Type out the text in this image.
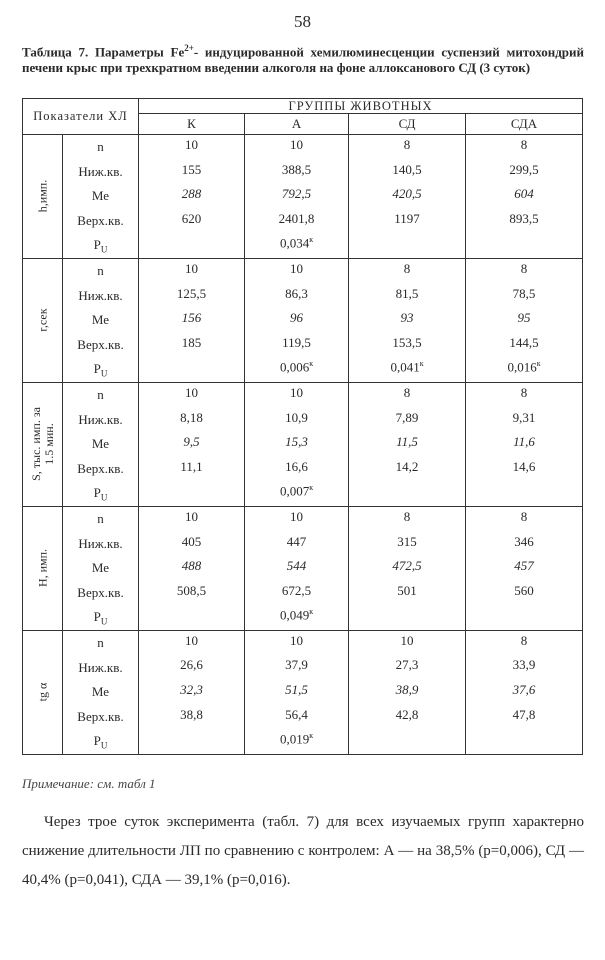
58
Таблица 7. Параметры $Fe^{2+}-$ индуцированной хемилюминесценции суспензий митохондрий печени крыс при трехкратном введении алкоголя на фоне аллоксанового СД (3 суток)
Показатели ХЛ		ГРУППЫ ЖИВОТНЫХ			
		К	А	СД	СДА

h,имп.	n	10	10	8	8
	Ниж.кв.	155	388,5	140,5	299,5
	Ме	288	792,5	420,5	604
	Верх.кв.	620	2401,8	1197	893,5
	$P_U$		$0,034^к$		

r,сек	n	10	10	8	8
	Ниж.кв.	125,5	86,3	81,5	78,5
	Ме	156	96	93	95
	Верх.кв.	185	119,5	153,5	144,5
	$P_U$		$0,006^к$	$0,041^к$	$0,016^к$

S, тыс. имп. за 1.5 мин.	n	10	10	8	8
	Ниж.кв.	8,18	10,9	7,89	9,31
	Ме	9,5	15,3	11,5	11,6
	Верх.кв.	11,1	16,6	14,2	14,6
	$P_U$		$0,007^к$		

H, имп.	n	10	10	8	8
	Ниж.кв.	405	447	315	346
	Ме	488	544	472,5	457
	Верх.кв.	508,5	672,5	501	560
	$P_U$		$0,049^к$		

tg α	n	10	10	10	8
	Ниж.кв.	26,6	37,9	27,3	33,9
	Ме	32,3	51,5	38,9	37,6
	Верх.кв.	38,8	56,4	42,8	47,8
	$P_U$		$0,019^к$		
Примечание: см. табл 1
Через трое суток эксперимента (табл. 7) для всех изучаемых групп характерно снижение длительности ЛП по сравнению с контролем: А — на 38,5% (р=0,006), СД — 40,4% (р=0,041), СДА — 39,1% (р=0,016).
